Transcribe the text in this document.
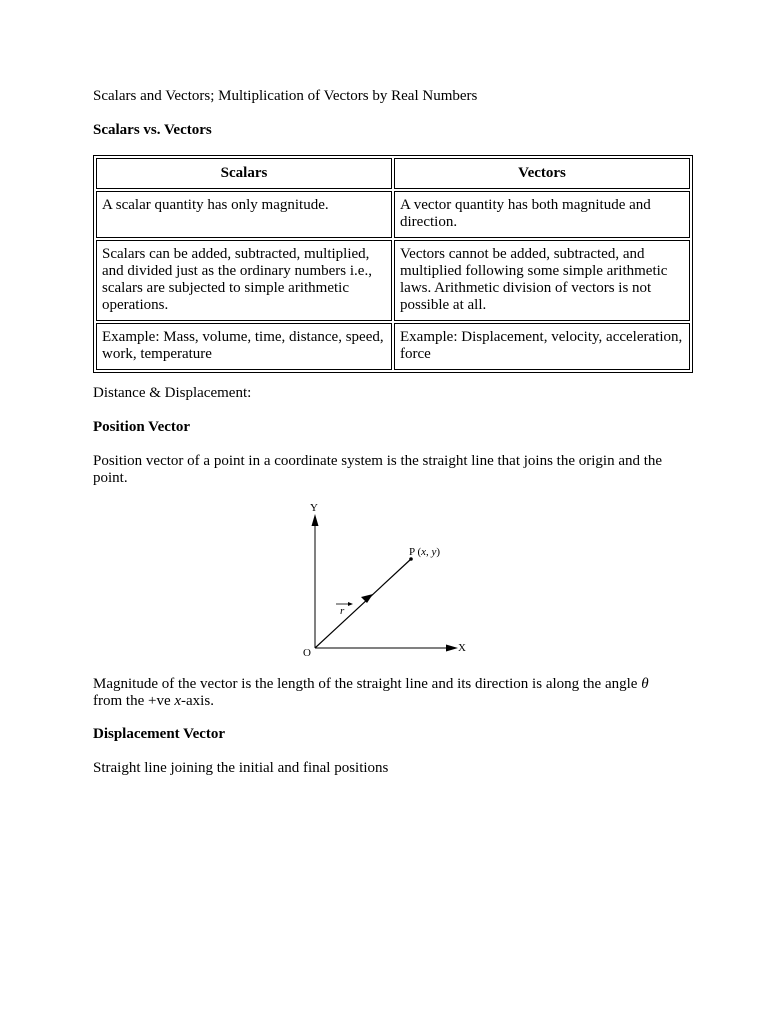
Scalars and Vectors; Multiplication of Vectors by Real Numbers

Scalars vs. Vectors

Scalars	Vectors
A scalar quantity has only magnitude.	A vector quantity has both magnitude and direction.
Scalars can be added, subtracted, multiplied, and divided just as the ordinary numbers i.e., scalars are subjected to simple arithmetic operations.	Vectors cannot be added, subtracted, and multiplied following some simple arithmetic laws. Arithmetic division of vectors is not possible at all.
Example: Mass, volume, time, distance, speed, work, temperature	Example: Displacement, velocity, acceleration, force

Distance & Displacement:

Position Vector

Position vector of a point in a coordinate system is the straight line that joins the origin and the point.

r
Y
X
O
P (x, y)

Magnitude of the vector is the length of the straight line and its direction is along the angle θ

from the +ve x-axis.

Displacement Vector

Straight line joining the initial and final positions
